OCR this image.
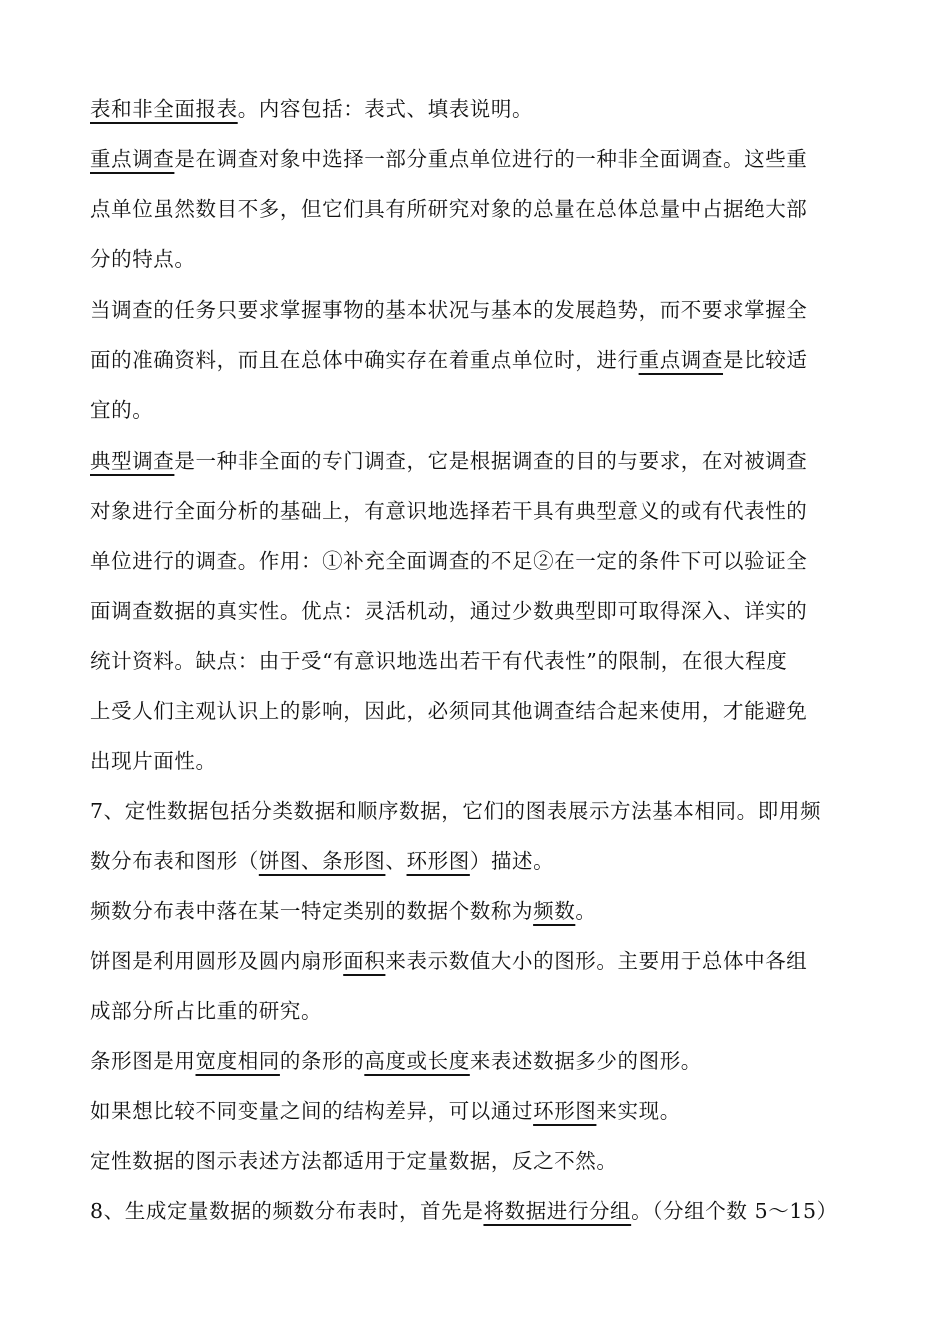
表和非全面报表。内容包括：表式、填表说明。
重点调查是在调查对象中选择一部分重点单位进行的一种非全面调查。这些重
点单位虽然数目不多，但它们具有所研究对象的总量在总体总量中占据绝大部
分的特点。
当调查的任务只要求掌握事物的基本状况与基本的发展趋势，而不要求掌握全
面的准确资料，而且在总体中确实存在着重点单位时，进行重点调查是比较适
宜的。
典型调查是一种非全面的专门调查，它是根据调查的目的与要求，在对被调查
对象进行全面分析的基础上，有意识地选择若干具有典型意义的或有代表性的
单位进行的调查。作用：①补充全面调查的不足②在一定的条件下可以验证全
面调查数据的真实性。优点：灵活机动，通过少数典型即可取得深入、详实的
统计资料。缺点：由于受“有意识地选出若干有代表性”的限制，在很大程度
上受人们主观认识上的影响，因此，必须同其他调查结合起来使用，才能避免
出现片面性。
7、定性数据包括分类数据和顺序数据，它们的图表展示方法基本相同。即用频
数分布表和图形（饼图、条形图、环形图）描述。
频数分布表中落在某一特定类别的数据个数称为频数。
饼图是利用圆形及圆内扇形面积来表示数值大小的图形。主要用于总体中各组
成部分所占比重的研究。
条形图是用宽度相同的条形的高度或长度来表述数据多少的图形。
如果想比较不同变量之间的结构差异，可以通过环形图来实现。
定性数据的图示表述方法都适用于定量数据，反之不然。
8、生成定量数据的频数分布表时，首先是将数据进行分组。（分组个数 5～15）
